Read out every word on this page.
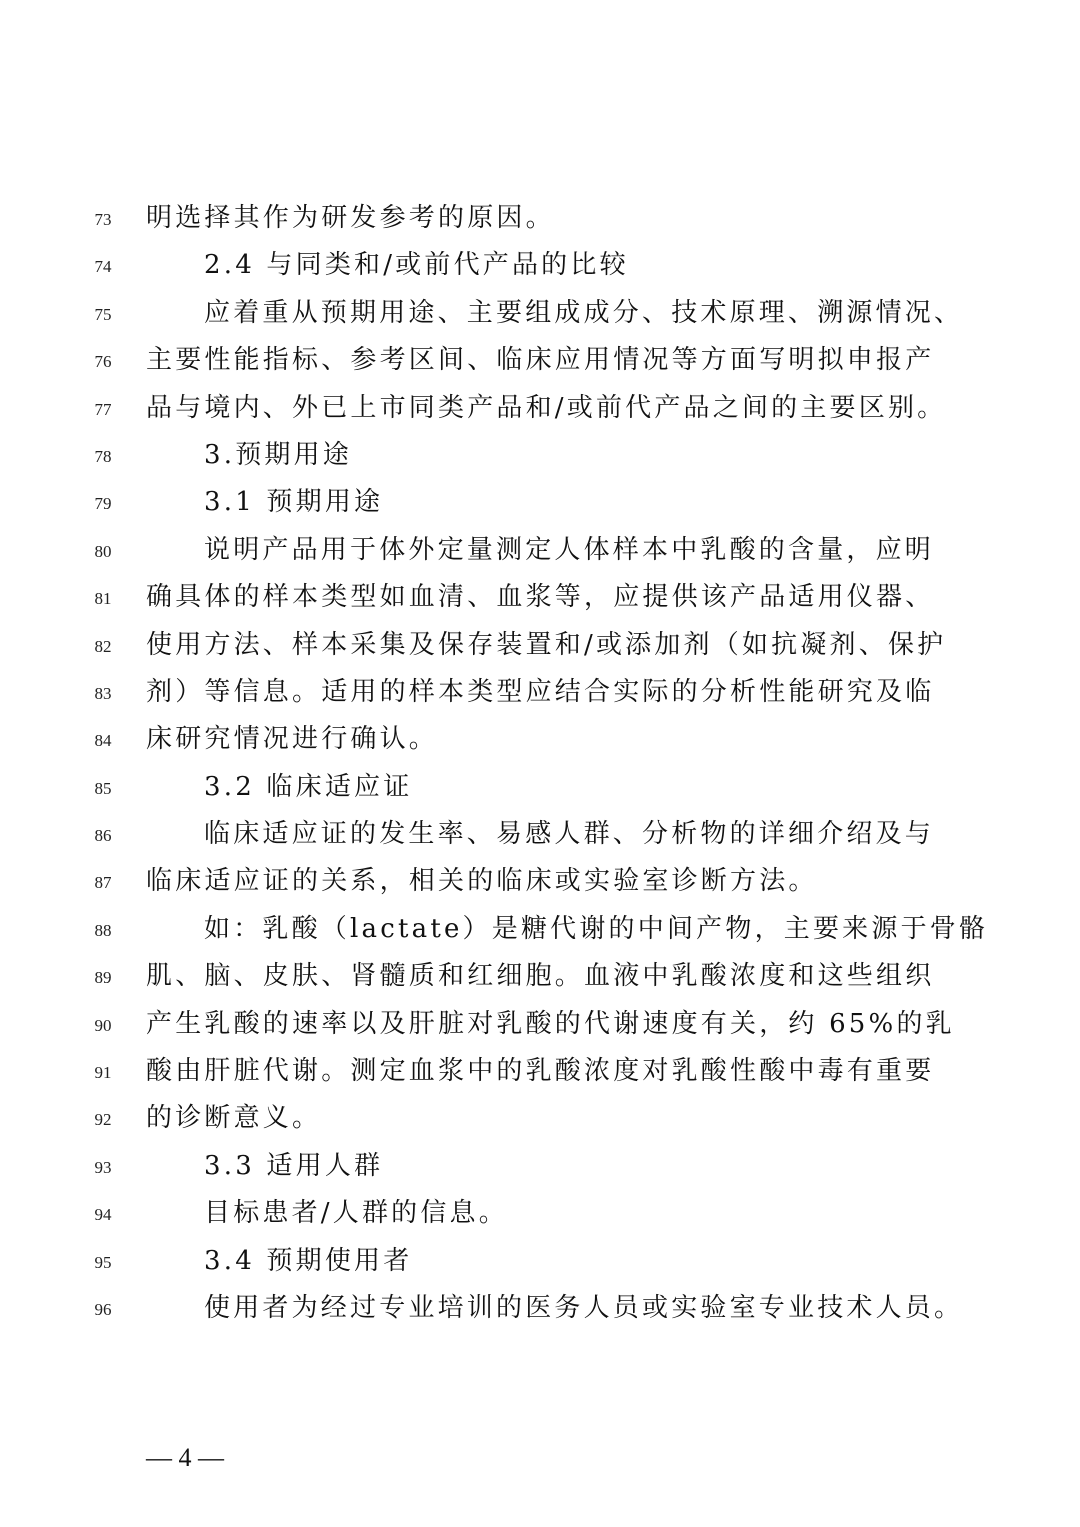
73	明选择其作为研发参考的原因。
74	2.4 与同类和/或前代产品的比较
75	应着重从预期用途、主要组成成分、技术原理、溯源情况、
76	主要性能指标、参考区间、临床应用情况等方面写明拟申报产
77	品与境内、外已上市同类产品和/或前代产品之间的主要区别。
78	3.预期用途
79	3.1 预期用途
80	说明产品用于体外定量测定人体样本中乳酸的含量，应明
81	确具体的样本类型如血清、血浆等，应提供该产品适用仪器、
82	使用方法、样本采集及保存装置和/或添加剂（如抗凝剂、保护
83	剂）等信息。适用的样本类型应结合实际的分析性能研究及临
84	床研究情况进行确认。
85	3.2 临床适应证
86	临床适应证的发生率、易感人群、分析物的详细介绍及与
87	临床适应证的关系，相关的临床或实验室诊断方法。
88	如：乳酸（lactate）是糖代谢的中间产物，主要来源于骨骼
89	肌、脑、皮肤、肾髓质和红细胞。血液中乳酸浓度和这些组织
90	产生乳酸的速率以及肝脏对乳酸的代谢速度有关，约 65%的乳
91	酸由肝脏代谢。测定血浆中的乳酸浓度对乳酸性酸中毒有重要
92	的诊断意义。
93	3.3 适用人群
94	目标患者/人群的信息。
95	3.4 预期使用者
96	使用者为经过专业培训的医务人员或实验室专业技术人员。
— 4 —
